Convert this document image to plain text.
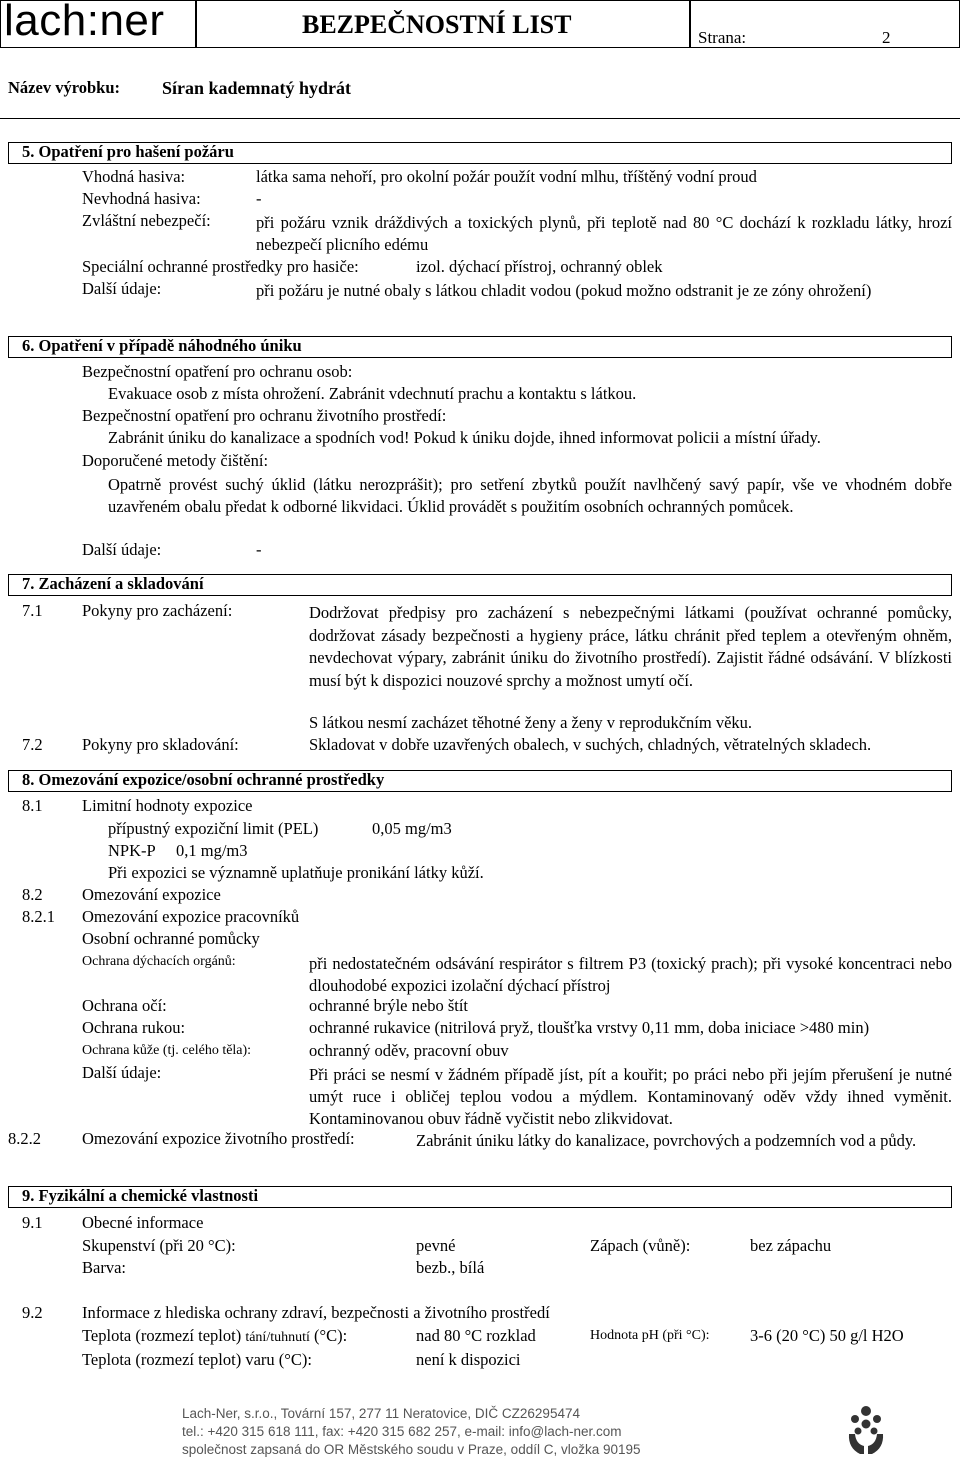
lach:ner	BEZPEČNOSTNÍ LIST	Strana:	2
Název výrobku: Síran kademnatý hydrát
5. Opatření pro hašení požáru
Vhodná hasiva:	látka sama nehoří, pro okolní požár použít vodní mlhu, tříštěný vodní proud
Nevhodná hasiva:	-
Zvláštní nebezpečí:	při požáru vznik dráždivých a toxických plynů, při teplotě nad 80 °C dochází k rozkladu látky, hrozí nebezpečí plicního edému
Speciální ochranné prostředky pro hasiče:	izol. dýchací přístroj, ochranný oblek
Další údaje:	při požáru je nutné obaly s látkou chladit vodou (pokud možno odstranit je ze zóny ohrožení)
6. Opatření v případě náhodného úniku
Bezpečnostní opatření pro ochranu osob:
Evakuace osob z místa ohrožení. Zabránit vdechnutí prachu a kontaktu s látkou.
Bezpečnostní opatření pro ochranu životního prostředí:
Zabránit úniku do kanalizace a spodních vod! Pokud k úniku dojde, ihned informovat policii a místní úřady.
Doporučené metody čištění:
Opatrně provést suchý úklid (látku nerozprášit); pro setření zbytků použít navlhčený savý papír, vše ve vhodném dobře uzavřeném obalu předat k odborné likvidaci. Úklid provádět s použitím osobních ochranných pomůcek.
Další údaje:	-
7. Zacházení a skladování
7.1 Pokyny pro zacházení:	Dodržovat předpisy pro zacházení s nebezpečnými látkami (používat ochranné pomůcky, dodržovat zásady bezpečnosti a hygieny práce, látku chránit před teplem a otevřeným ohněm, nevdechovat výpary, zabránit úniku do životního prostředí). Zajistit řádné odsávání. V blízkosti musí být k dispozici nouzové sprchy a možnost umytí očí.
S látkou nesmí zacházet těhotné ženy a ženy v reprodukčním věku.
7.2 Pokyny pro skladování:	Skladovat v dobře uzavřených obalech, v suchých, chladných, větratelných skladech.
8. Omezování expozice/osobní ochranné prostředky
8.1 Limitní hodnoty expozice
přípustný expoziční limit (PEL)	0,05 mg/m3
NPK-P 0,1 mg/m3
Při expozici se významně uplatňuje pronikání látky kůží.
8.2 Omezování expozice
8.2.1 Omezování expozice pracovníků
Osobní ochranné pomůcky
Ochrana dýchacích orgánů:	při nedostatečném odsávání respirátor s filtrem P3 (toxický prach); při vysoké koncentraci nebo dlouhodobé expozici izolační dýchací přístroj
Ochrana očí:	ochranné brýle nebo štít
Ochrana rukou:	ochranné rukavice (nitrilová pryž, tloušťka vrstvy 0,11 mm, doba iniciace >480 min)
Ochrana kůže (tj. celého těla):	ochranný oděv, pracovní obuv
Další údaje:	Při práci se nesmí v žádném případě jíst, pít a kouřit; po práci nebo při jejím přerušení je nutné umýt ruce i obličej teplou vodou a mýdlem. Kontaminovaný oděv vždy ihned vyměnit. Kontaminovanou obuv řádně vyčistit nebo zlikvidovat.
8.2.2 Omezování expozice životního prostředí:	Zabránit úniku látky do kanalizace, povrchových a podzemních vod a půdy.
9. Fyzikální a chemické vlastnosti
9.1 Obecné informace
Skupenství (při 20 °C):	pevné	Zápach (vůně):	bez zápachu
Barva:	bezb., bílá
9.2 Informace z hlediska ochrany zdraví, bezpečnosti a životního prostředí
Teplota (rozmezí teplot) tání/tuhnutí (°C):	nad 80 °C rozklad	Hodnota pH (při °C): 3-6 (20 °C) 50 g/l H2O
Teplota (rozmezí teplot) varu (°C):	není k dispozici
Lach-Ner, s.r.o., Tovární 157, 277 11 Neratovice, DIČ CZ26295474
tel.: +420 315 618 111, fax: +420 315 682 257, e-mail: info@lach-ner.com
společnost zapsaná do OR Městského soudu v Praze, oddíl C, vložka 90195
